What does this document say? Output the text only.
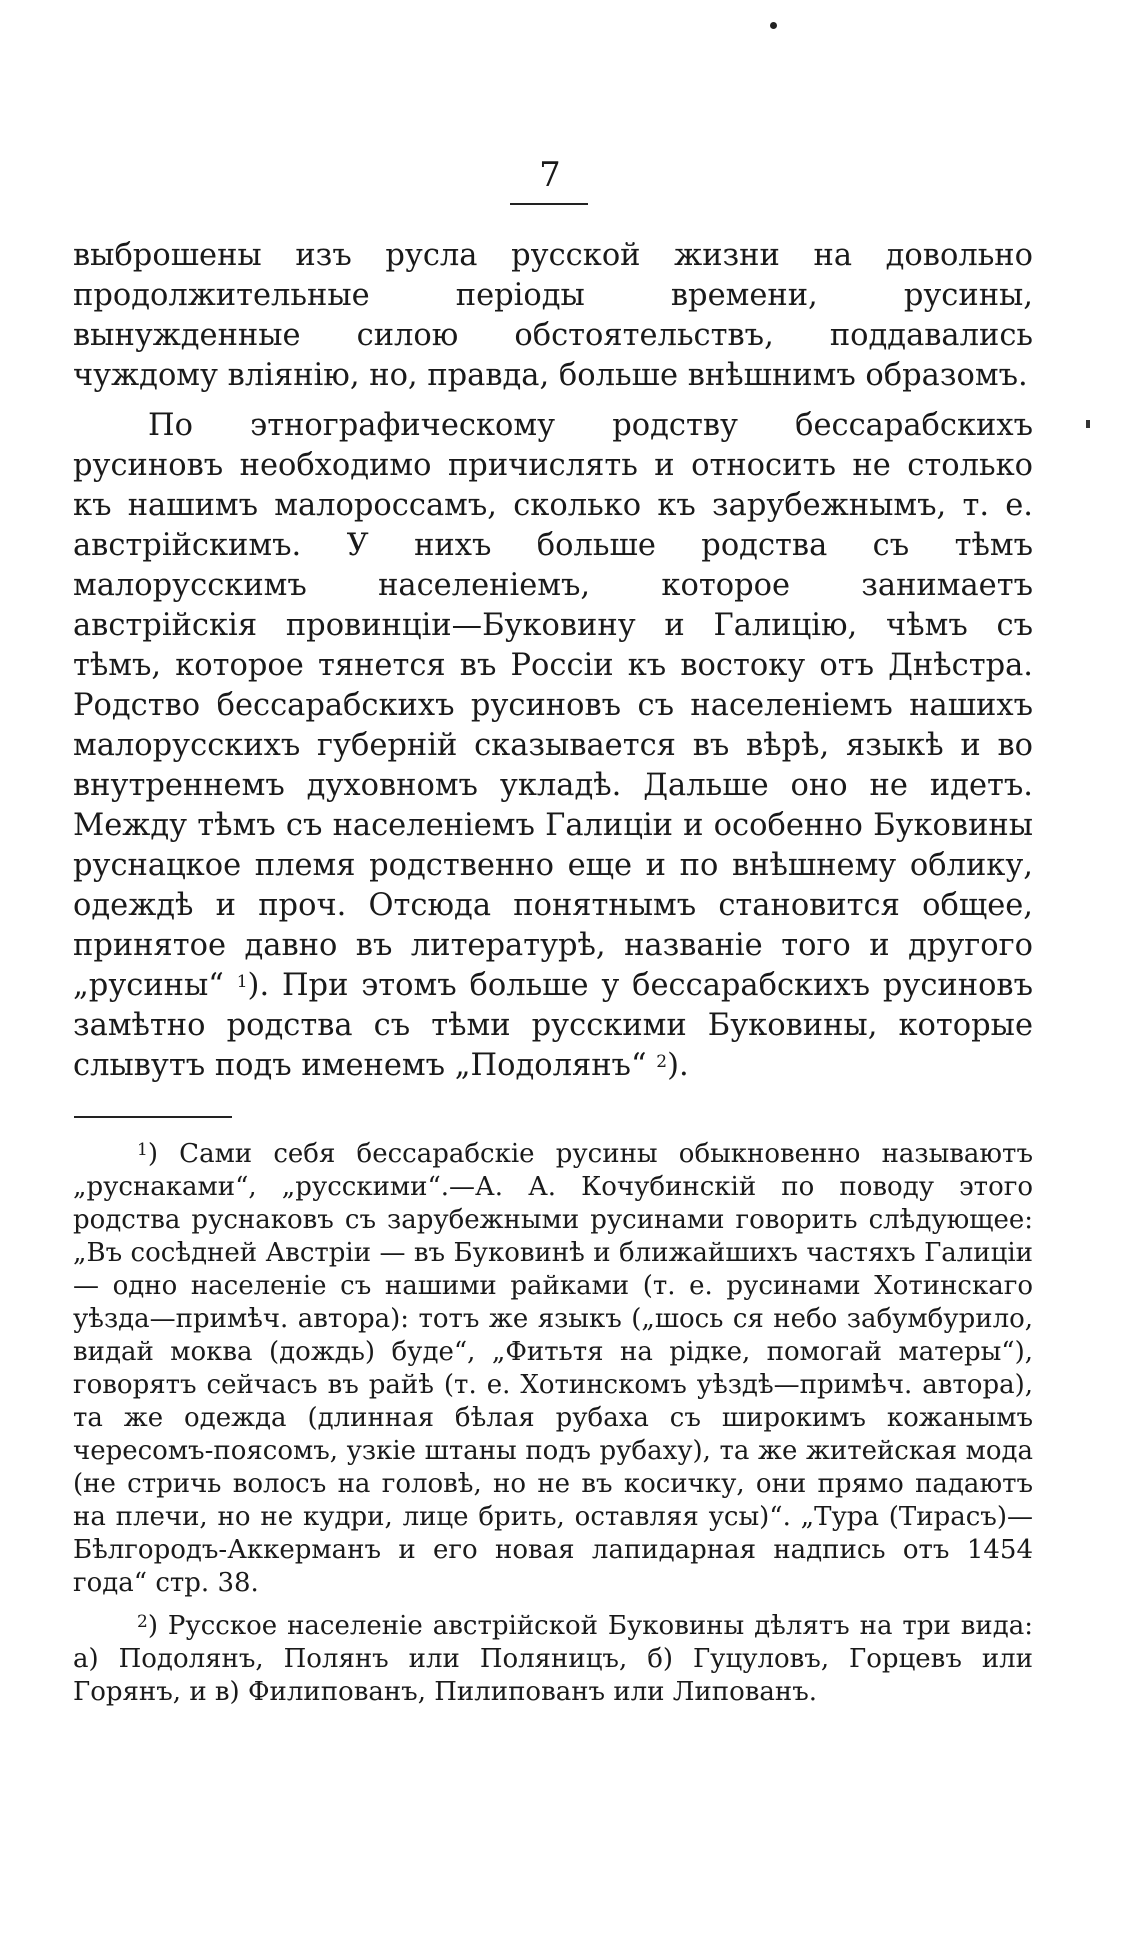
7

выброшены изъ русла русской жизни на довольно продолжительные періоды времени, русины, вынужденные силою обстоятельствъ, поддавались чуждому вліянію, но, правда, больше внѣшнимъ образомъ.

По этнографическому родству бессарабскихъ русиновъ необходимо причислять и относить не столько къ нашимъ малороссамъ, сколько къ зарубежнымъ, т. е. австрійскимъ. У нихъ больше родства съ тѣмъ малорусскимъ населеніемъ, которое занимаетъ австрійскія провинціи—Буковину и Галицію, чѣмъ съ тѣмъ, которое тянется въ Россіи къ востоку отъ Днѣстра. Родство бессарабскихъ русиновъ съ населеніемъ нашихъ малорусскихъ губерній сказывается въ вѣрѣ, языкѣ и во внутреннемъ духовномъ укладѣ. Дальше оно не идетъ. Между тѣмъ съ населеніемъ Галиціи и особенно Буковины руснацкое племя родственно еще и по внѣшнему облику, одеждѣ и проч. Отсюда понятнымъ становится общее, принятое давно въ литературѣ, названіе того и другого „русины“ $^1$). При этомъ больше у бессарабскихъ русиновъ замѣтно родства съ тѣми русскими Буковины, которые слывутъ подъ именемъ „Подолянъ“ $^2$).

$^1$) Сами себя бессарабскіе русины обыкновенно называютъ „руснаками“, „русскими“.—А. А. Кочубинскій по поводу этого родства руснаковъ съ зарубежными русинами говорить слѣдующее: „Въ сосѣдней Австріи — въ Буковинѣ и ближайшихъ частяхъ Галиціи — одно населеніе съ нашими райками (т. е. русинами Хотинскаго уѣзда—примѣч. автора): тотъ же языкъ („шось ся небо забумбурило, видай моква (дождь) буде“, „Фитьтя на рідке, помогай матеры“), говорятъ сейчасъ въ райѣ (т. е. Хотинскомъ уѣздѣ—примѣч. автора), та же одежда (длинная бѣлая рубаха съ широкимъ кожанымъ чересомъ-поясомъ, узкіе штаны подъ рубаху), та же житейская мода (не стричь волосъ на головѣ, но не въ косичку, они прямо падаютъ на плечи, но не кудри, лице брить, оставляя усы)“. „Тура (Тирасъ)— Бѣлгородъ-Аккерманъ и его новая лапидарная надпись отъ 1454 года“ стр. 38.

$^2$) Русское населеніе австрійской Буковины дѣлятъ на три вида: а) Подолянъ, Полянъ или Поляницъ, б) Гуцуловъ, Горцевъ или Горянъ, и в) Филипованъ, Пилипованъ или Липованъ.
